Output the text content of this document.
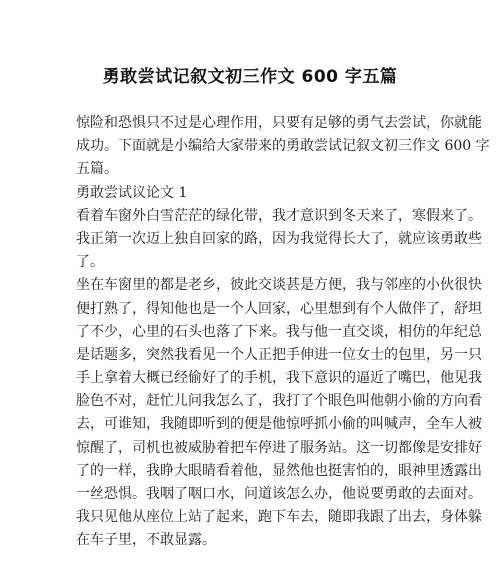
勇敢尝试记叙文初三作文 600 字五篇
惊险和恐惧只不过是心理作用，只要有足够的勇气去尝试，你就能
成功。下面就是小编给大家带来的勇敢尝试记叙文初三作文 600 字
五篇。
勇敢尝试议论文 1
看着车窗外白雪茫茫的绿化带，我才意识到冬天来了，寒假来了。
我正第一次迈上独自回家的路，因为我觉得长大了，就应该勇敢些
了。
坐在车窗里的都是老乡，彼此交谈甚是方便，我与邻座的小伙很快
便打熟了，得知他也是一个人回家，心里想到有个人做伴了，舒坦
了不少，心里的石头也落了下来。我与他一直交谈，相仿的年纪总
是话题多，突然我看见一个人正把手伸进一位女士的包里，另一只
手上拿着大概已经偷好了的手机，我下意识的逼近了嘴巴，他见我
脸色不对，赶忙儿问我怎么了，我打了个眼色叫他朝小偷的方向看
去，可谁知，我随即听到的便是他惊呼抓小偷的叫喊声，全车人被
惊醒了，司机也被威胁着把车停进了服务站。这一切都像是安排好
了的一样，我睁大眼睛看着他，显然他也挺害怕的，眼神里透露出
一丝恐惧。我咽了咽口水，问道该怎么办，他说要勇敢的去面对。
我只见他从座位上站了起来，跑下车去，随即我跟了出去，身体躲
在车子里，不敢显露。
